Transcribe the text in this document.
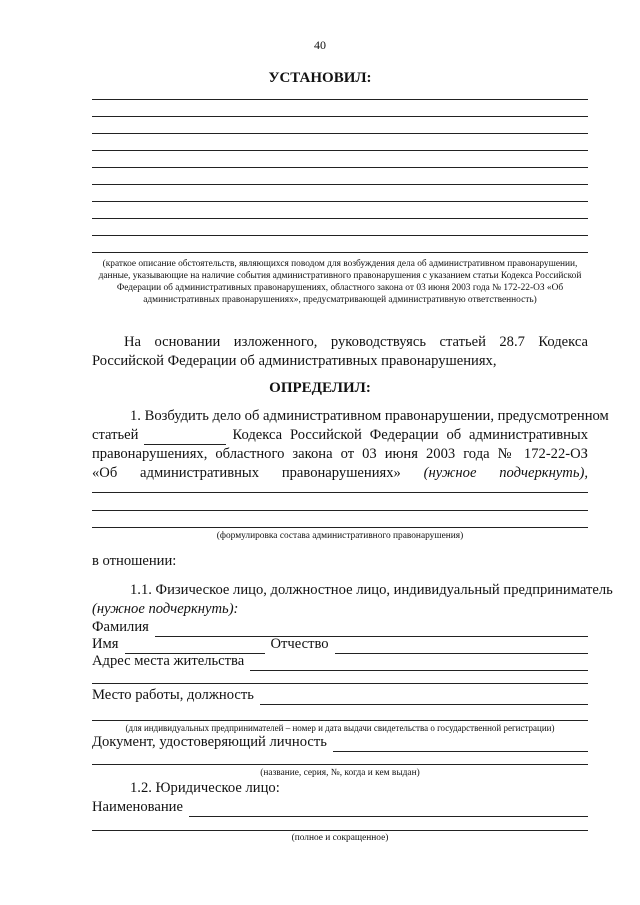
40
УСТАНОВИЛ:
(краткое описание обстоятельств, являющихся поводом для возбуждения дела об административном правонарушении, данные, указывающие на наличие события административного правонарушения с указанием статьи Кодекса Российской Федерации об административных правонарушениях, областного закона от 03 июня 2003 года № 172-22-ОЗ «Об административных правонарушениях», предусматривающей административную ответственность)
На основании изложенного, руководствуясь статьей 28.7 Кодекса Российской Федерации об административных правонарушениях,
ОПРЕДЕЛИЛ:
1. Возбудить дело об административном правонарушении, предусмотренном
статьей	Кодекса Российской Федерации об административных
правонарушениях, областного закона от 03 июня 2003 года № 172-22-ОЗ
«Об административных правонарушениях» (нужное подчеркнуть),
(формулировка состава административного правонарушения)
в отношении:
1.1. Физическое лицо, должностное лицо, индивидуальный предприниматель
(нужное подчеркнуть):
Фамилия
Имя	Отчество
Адрес места жительства
Место работы, должность
(для индивидуальных предпринимателей – номер и дата выдачи свидетельства о государственной регистрации)
Документ, удостоверяющий личность
(название, серия, №, когда и кем выдан)
1.2. Юридическое лицо:
Наименование
(полное и сокращенное)
